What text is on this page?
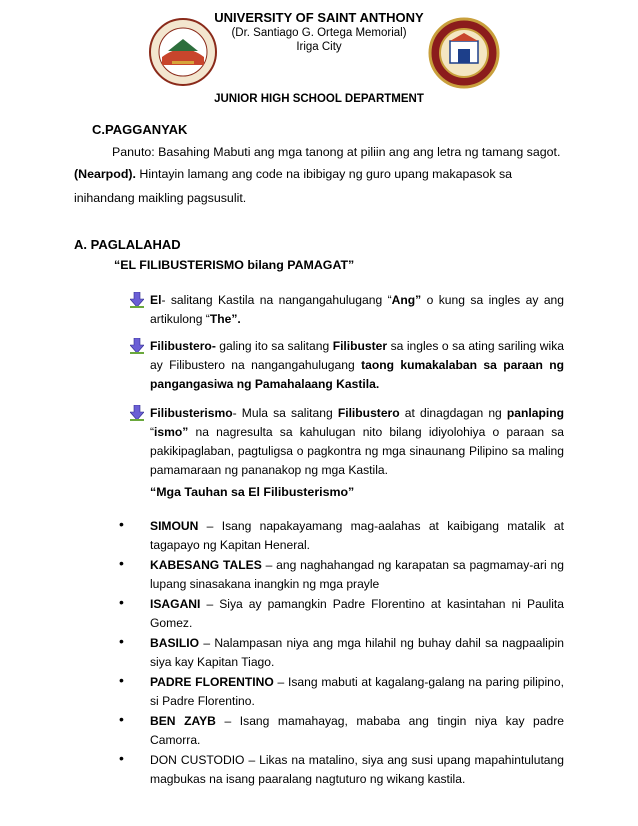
UNIVERSITY OF SAINT ANTHONY
(Dr. Santiago G. Ortega Memorial)
Iriga City
JUNIOR HIGH SCHOOL DEPARTMENT
C.PAGGANYAK
Panuto: Basahing Mabuti ang mga tanong at piliin ang ang letra ng tamang sagot.
(Nearpod). Hintayin lamang ang code na ibibigay ng guro upang makapasok sa
inihandang maikling pagsusulit.
A. PAGLALAHAD
“EL FILIBUSTERISMO bilang PAMAGAT”
El- salitang Kastila na nangangahulugang “Ang” o kung sa ingles ay ang artikulong “The”.
Filibustero- galing ito sa salitang Filibuster sa ingles o sa ating sariling wika ay Filibustero na nangangahulugang taong kumakalaban sa paraan ng pangangasiwa ng Pamahalaang Kastila.
Filibusterismo- Mula sa salitang Filibustero at dinagdagan ng panlaping “ismo” na nagresulta sa kahulugan nito bilang idiyolohiya o paraan sa pakikipaglaban, pagtuligsa o pagkontra ng mga sinaunang Pilipino sa maling pamamaraan ng pananakop ng mga Kastila.
“Mga Tauhan sa El Filibusterismo”
• SIMOUN – Isang napakayamang mag-aalahas at kaibigang matalik at tagapayo ng Kapitan Heneral.
• KABESANG TALES – ang naghahangad ng karapatan sa pagmamay-ari ng lupang sinasakana inangkin ng mga prayle
• ISAGANI – Siya ay pamangkin Padre Florentino at kasintahan ni Paulita Gomez.
• BASILIO – Nalampasan niya ang mga hilahil ng buhay dahil sa nagpaalipin siya kay Kapitan Tiago.
• PADRE FLORENTINO – Isang mabuti at kagalang-galang na paring pilipino, si Padre Florentino.
• BEN ZAYB – Isang mamahayag, mababa ang tingin niya kay padre Camorra.
• DON CUSTODIO – Likas na matalino, siya ang susi upang mapahintulutang magbukas na isang paaralang nagtuturo ng wikang kastila.
